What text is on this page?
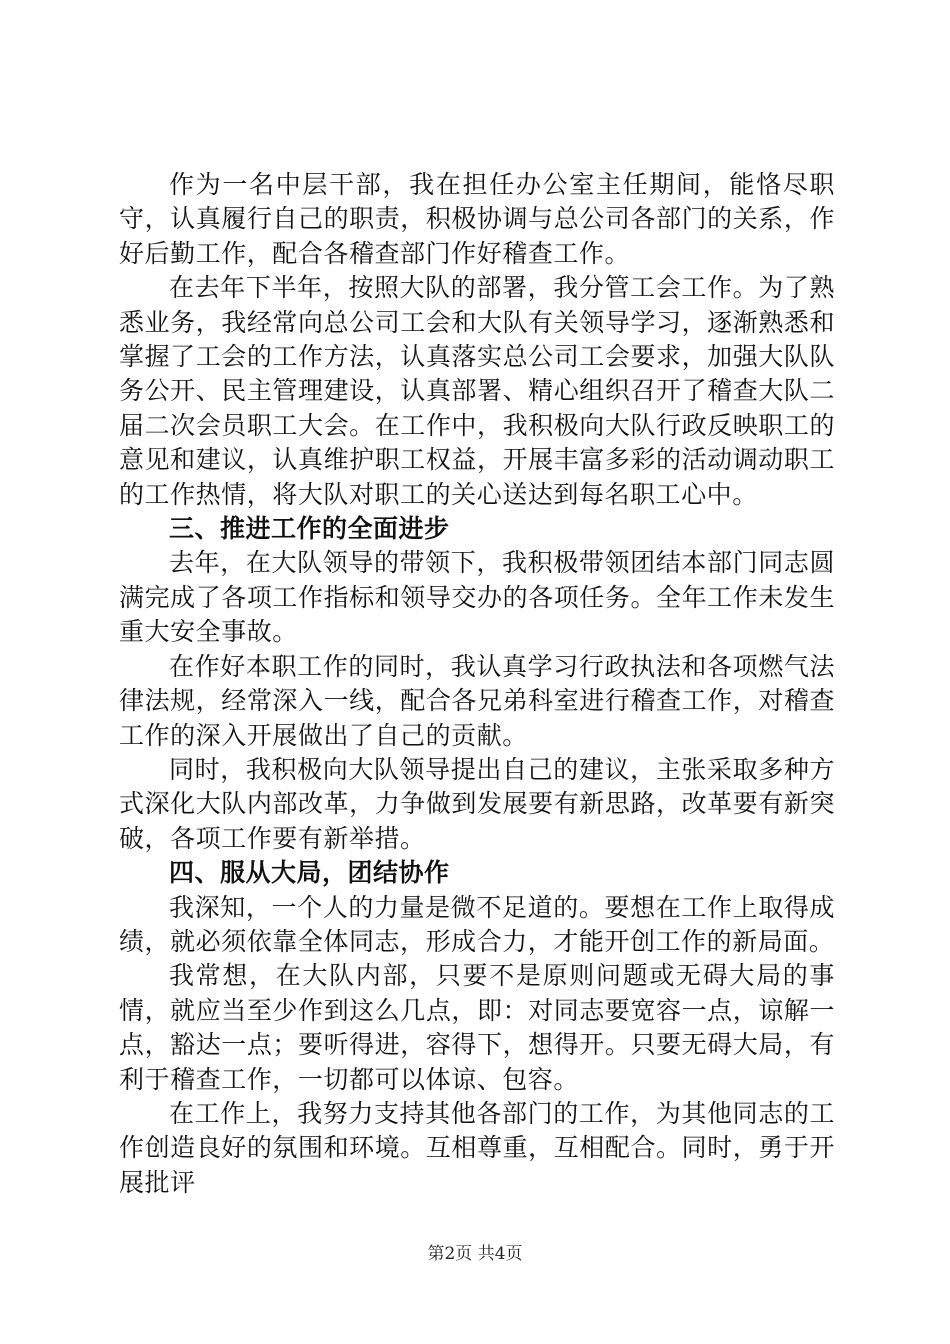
作为一名中层干部，我在担任办公室主任期间，能恪尽职守，认真履行自己的职责，积极协调与总公司各部门的关系，作好后勤工作，配合各稽查部门作好稽查工作。

在去年下半年，按照大队的部署，我分管工会工作。为了熟悉业务，我经常向总公司工会和大队有关领导学习，逐渐熟悉和掌握了工会的工作方法，认真落实总公司工会要求，加强大队队务公开、民主管理建设，认真部署、精心组织召开了稽查大队二届二次会员职工大会。在工作中，我积极向大队行政反映职工的意见和建议，认真维护职工权益，开展丰富多彩的活动调动职工的工作热情，将大队对职工的关心送达到每名职工心中。

三、推进工作的全面进步

去年，在大队领导的带领下，我积极带领团结本部门同志圆满完成了各项工作指标和领导交办的各项任务。全年工作未发生重大安全事故。

在作好本职工作的同时，我认真学习行政执法和各项燃气法律法规，经常深入一线，配合各兄弟科室进行稽查工作，对稽查工作的深入开展做出了自己的贡献。

同时，我积极向大队领导提出自己的建议，主张采取多种方式深化大队内部改革，力争做到发展要有新思路，改革要有新突破，各项工作要有新举措。

四、服从大局，团结协作

我深知，一个人的力量是微不足道的。要想在工作上取得成绩，就必须依靠全体同志，形成合力，才能开创工作的新局面。

我常想，在大队内部，只要不是原则问题或无碍大局的事情，就应当至少作到这么几点，即：对同志要宽容一点，谅解一点，豁达一点；要听得进，容得下，想得开。只要无碍大局，有利于稽查工作，一切都可以体谅、包容。

在工作上，我努力支持其他各部门的工作，为其他同志的工作创造良好的氛围和环境。互相尊重，互相配合。同时，勇于开展批评

第2页 共4页
